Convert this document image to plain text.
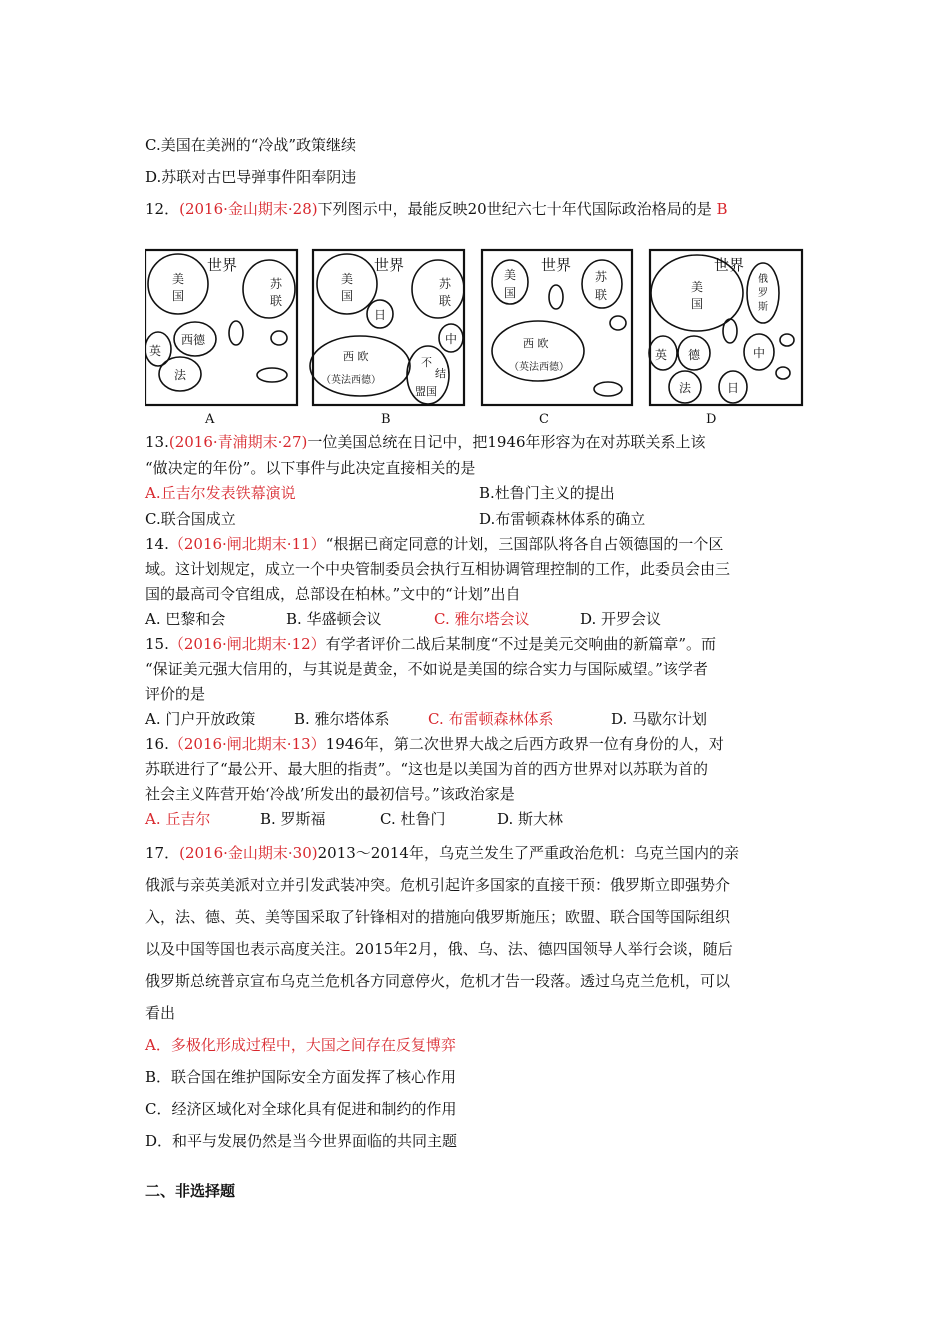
C.美国在美洲的“冷战”政策继续
D.苏联对古巴导弹事件阳奉阴违
12．(2016·金山期末·28)下列图示中，最能反映20世纪六七十年代国际政治格局的是 B
世界
美
国
苏
联
西德
英
法
A
世界
美
国
苏
联
日
西 欧
（英法西德）
中
不
结
盟国
B
世界
美
国
苏
联
西 欧
（英法西德）
C
世界
美
国
俄
罗
斯
英 德
法	日
中
D
13.(2016·青浦期末·27)一位美国总统在日记中，把1946年形容为在对苏联关系上该
“做决定的年份”。以下事件与此决定直接相关的是
A.丘吉尔发表铁幕演说	B.杜鲁门主义的提出
C.联合国成立	D.布雷顿森林体系的确立
14.（2016·闸北期末·11）“根据已商定同意的计划，三国部队将各自占领德国的一个区
域。这计划规定，成立一个中央管制委员会执行互相协调管理控制的工作，此委员会由三
国的最高司令官组成，总部设在柏林。”文中的“计划”出自
A. 巴黎和会	B. 华盛顿会议	C. 雅尔塔会议	D. 开罗会议
15.（2016·闸北期末·12）有学者评价二战后某制度“不过是美元交响曲的新篇章”。而
“保证美元强大信用的，与其说是黄金，不如说是美国的综合实力与国际威望。”该学者
评价的是
A. 门户开放政策	B. 雅尔塔体系	C. 布雷顿森林体系	D. 马歇尔计划
16.（2016·闸北期末·13）1946年，第二次世界大战之后西方政界一位有身份的人，对
苏联进行了“最公开、最大胆的指责”。“这也是以美国为首的西方世界对以苏联为首的
社会主义阵营开始‘冷战’所发出的最初信号。”该政治家是
A. 丘吉尔	B. 罗斯福	C. 杜鲁门	D. 斯大林
17．(2016·金山期末·30)2013～2014年，乌克兰发生了严重政治危机：乌克兰国内的亲
俄派与亲英美派对立并引发武装冲突。危机引起许多国家的直接干预：俄罗斯立即强势介
入，法、德、英、美等国采取了针锋相对的措施向俄罗斯施压；欧盟、联合国等国际组织
以及中国等国也表示高度关注。2015年2月，俄、乌、法、德四国领导人举行会谈，随后
俄罗斯总统普京宣布乌克兰危机各方同意停火，危机才告一段落。透过乌克兰危机，可以
看出
A．多极化形成过程中，大国之间存在反复博弈
B．联合国在维护国际安全方面发挥了核心作用
C．经济区域化对全球化具有促进和制约的作用
D．和平与发展仍然是当今世界面临的共同主题
二、非选择题
